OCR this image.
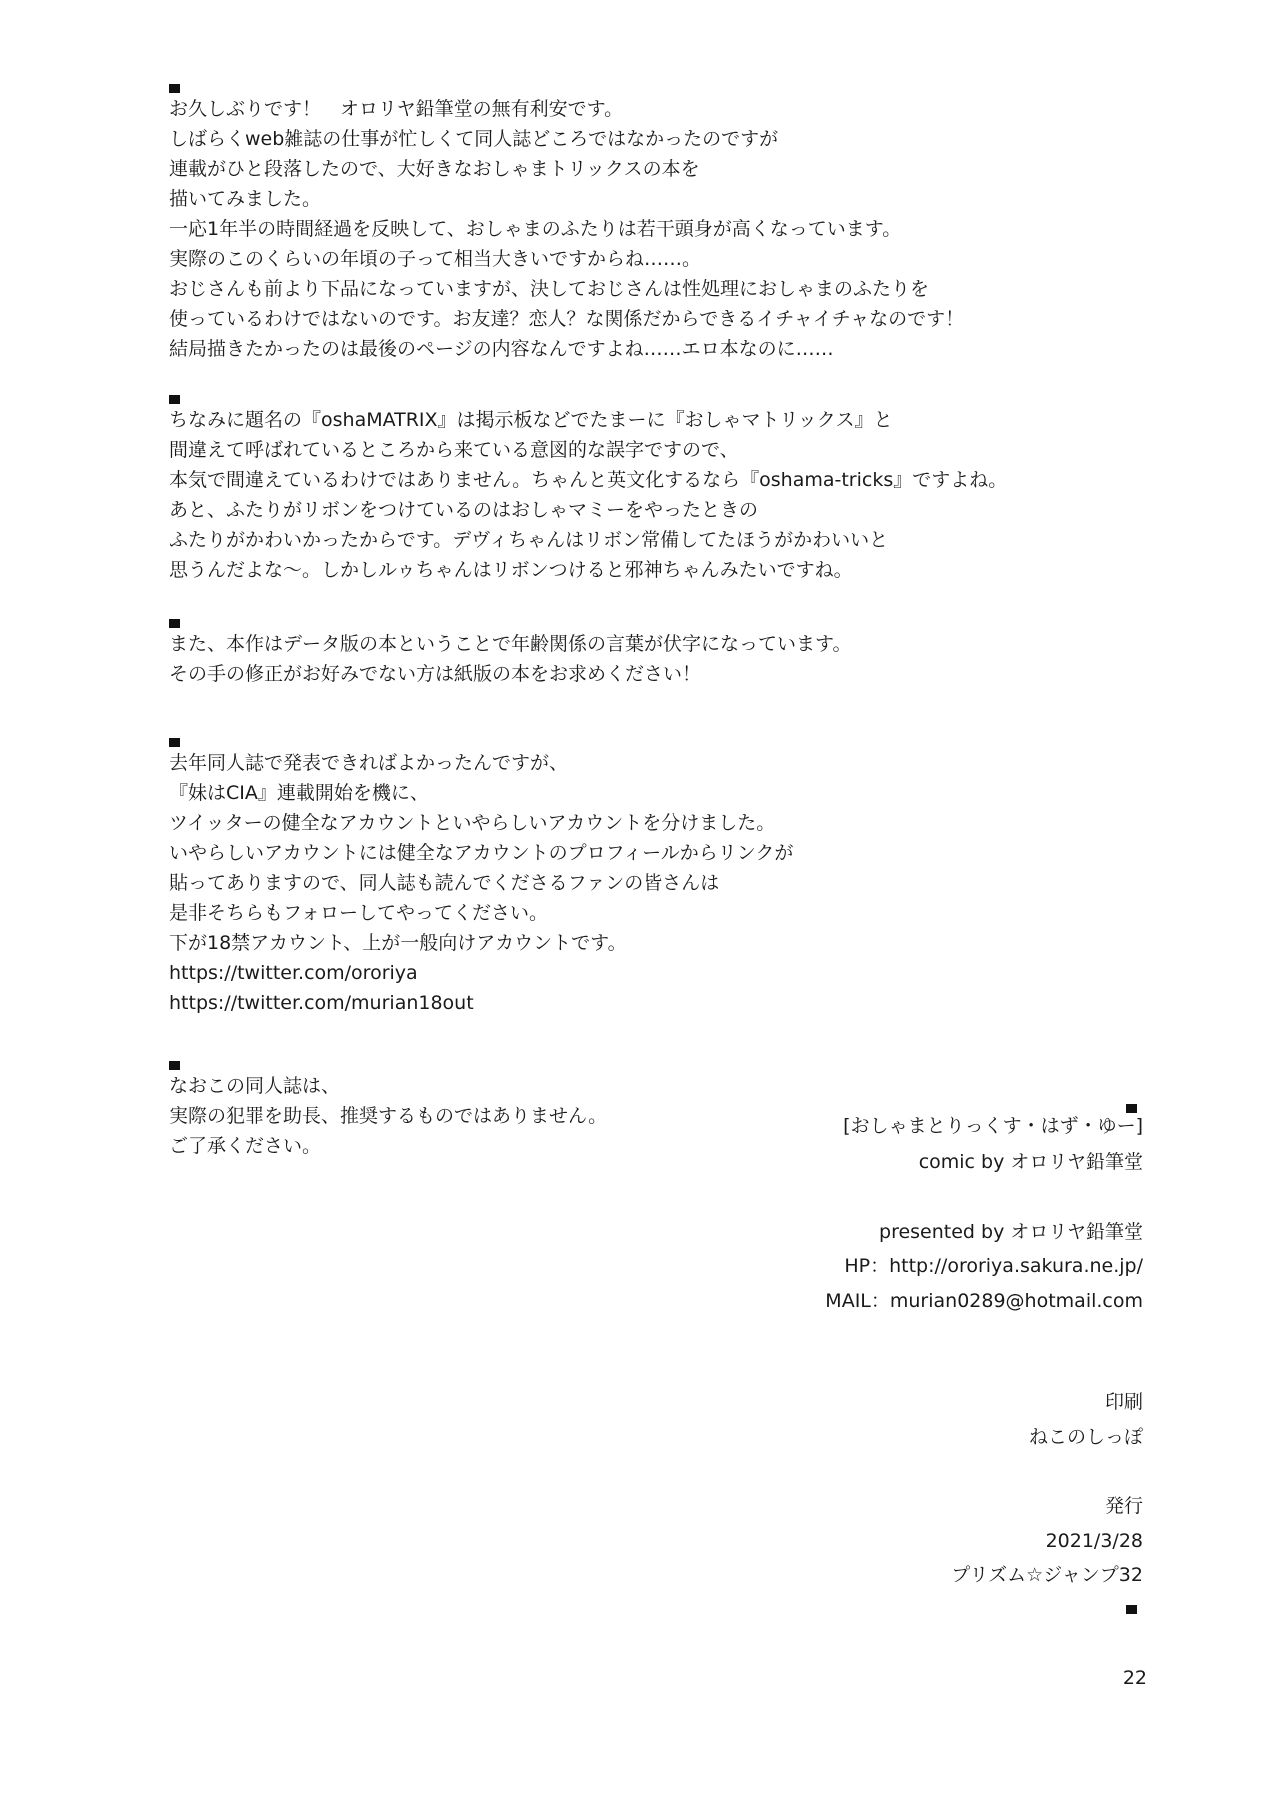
お久しぶりです！　オロリヤ鉛筆堂の無有利安です。
しばらくweb雑誌の仕事が忙しくて同人誌どころではなかったのですが
連載がひと段落したので、大好きなおしゃまトリックスの本を
描いてみました。
一応1年半の時間経過を反映して、おしゃまのふたりは若干頭身が高くなっています。
実際のこのくらいの年頃の子って相当大きいですからね……。
おじさんも前より下品になっていますが、決しておじさんは性処理におしゃまのふたりを
使っているわけではないのです。お友達？恋人？な関係だからできるイチャイチャなのです！
結局描きたかったのは最後のページの内容なんですよね……エロ本なのに……
ちなみに題名の『oshaMATRIX』は掲示板などでたまーに『おしゃマトリックス』と
間違えて呼ばれているところから来ている意図的な誤字ですので、
本気で間違えているわけではありません。ちゃんと英文化するなら『oshama-tricks』ですよね。
あと、ふたりがリボンをつけているのはおしゃマミーをやったときの
ふたりがかわいかったからです。デヴィちゃんはリボン常備してたほうがかわいいと
思うんだよな～。しかしルゥちゃんはリボンつけると邪神ちゃんみたいですね。
また、本作はデータ版の本ということで年齢関係の言葉が伏字になっています。
その手の修正がお好みでない方は紙版の本をお求めください！
去年同人誌で発表できればよかったんですが、
『妹はCIA』連載開始を機に、
ツイッターの健全なアカウントといやらしいアカウントを分けました。
いやらしいアカウントには健全なアカウントのプロフィールからリンクが
貼ってありますので、同人誌も読んでくださるファンの皆さんは
是非そちらもフォローしてやってください。
下が18禁アカウント、上が一般向けアカウントです。
https://twitter.com/ororiya
https://twitter.com/murian18out
なおこの同人誌は、
実際の犯罪を助長、推奨するものではありません。
ご了承ください。
[おしゃまとりっくす・はず・ゆー]
comic by オロリヤ鉛筆堂
presented by オロリヤ鉛筆堂
HP：http://ororiya.sakura.ne.jp/
MAIL：murian0289@hotmail.com
印刷
ねこのしっぽ
発行
2021/3/28
プリズム☆ジャンプ32
22
